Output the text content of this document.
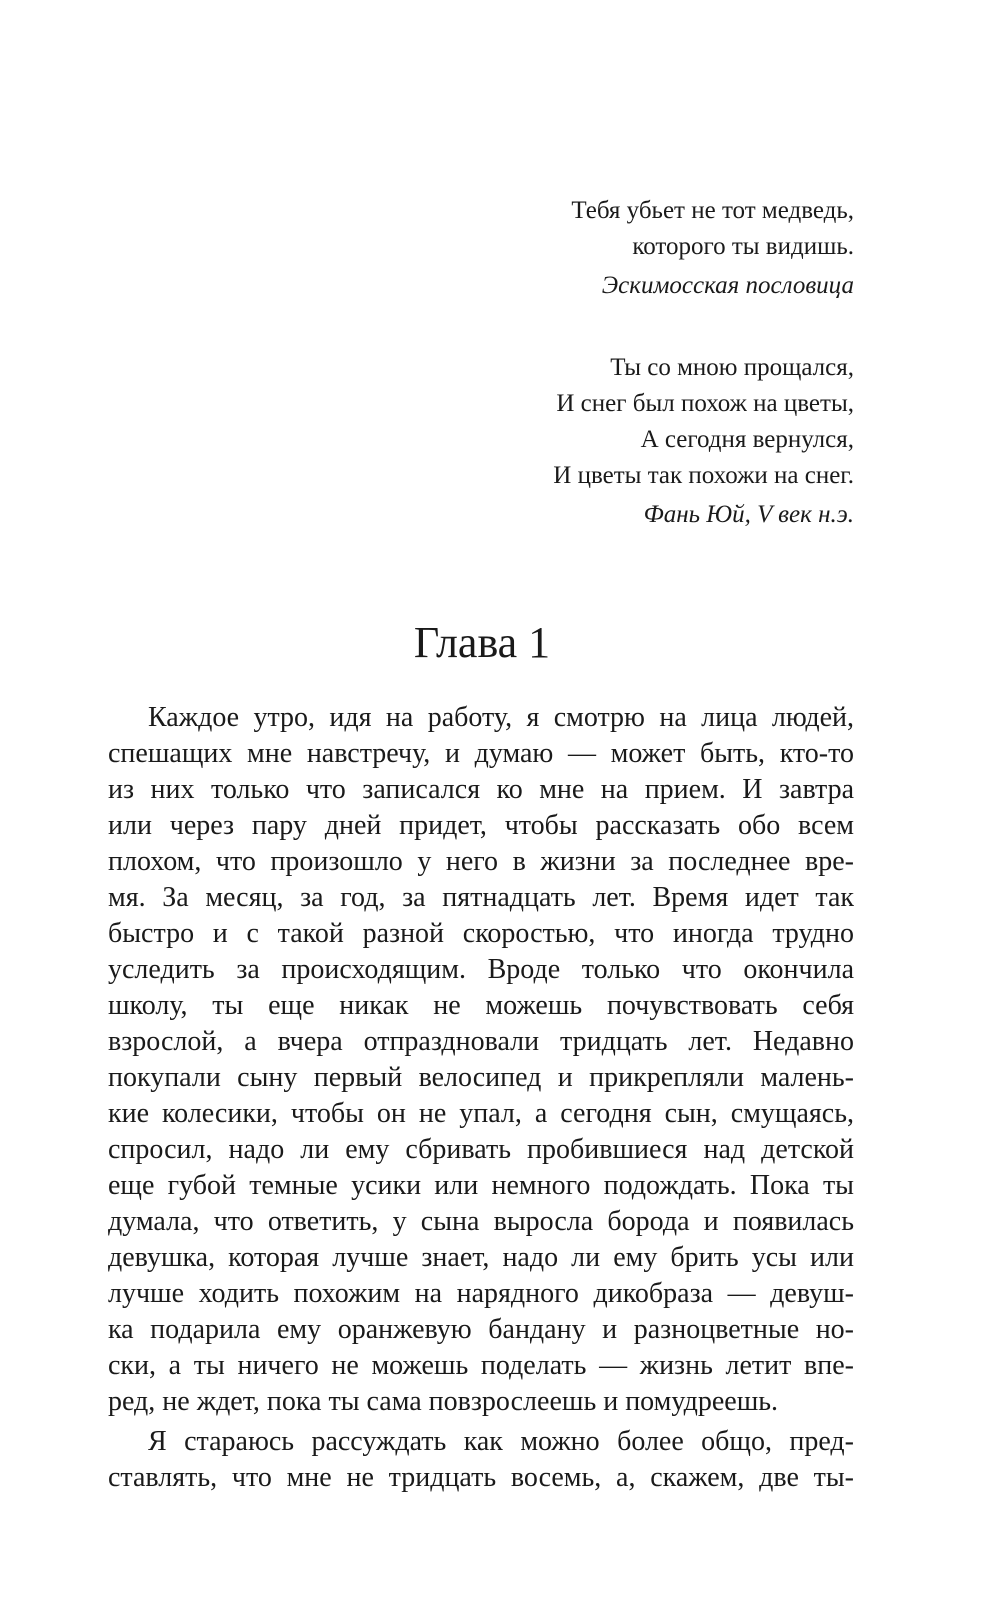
Тебя убьет не тот медведь,
которого ты видишь.
Эскимосская пословица
Ты со мною прощался,
И снег был похож на цветы,
А сегодня вернулся,
И цветы так похожи на снег.
Фань Юй, V век н.э.
Глава 1

Каждое утро, идя на работу, я смотрю на лица людей,
спешащих мне навстречу, и думаю — может быть, кто-то
из них только что записался ко мне на прием. И завтра
или через пару дней придет, чтобы рассказать обо всем
плохом, что произошло у него в жизни за последнее вре-
мя. За месяц, за год, за пятнадцать лет. Время идет так
быстро и с такой разной скоростью, что иногда трудно
уследить за происходящим. Вроде только что окончила
школу, ты еще никак не можешь почувствовать себя
взрослой, а вчера отпраздновали тридцать лет. Недавно
покупали сыну первый велосипед и прикрепляли малень-
кие колесики, чтобы он не упал, а сегодня сын, смущаясь,
спросил, надо ли ему сбривать пробившиеся над детской
еще губой темные усики или немного подождать. Пока ты
думала, что ответить, у сына выросла борода и появилась
девушка, которая лучше знает, надо ли ему брить усы или
лучше ходить похожим на нарядного дикобраза — девуш-
ка подарила ему оранжевую бандану и разноцветные но-
ски, а ты ничего не можешь поделать — жизнь летит впе-
ред, не ждет, пока ты сама повзрослеешь и помудреешь.

Я стараюсь рассуждать как можно более общо, пред-
ставлять, что мне не тридцать восемь, а, скажем, две ты-
